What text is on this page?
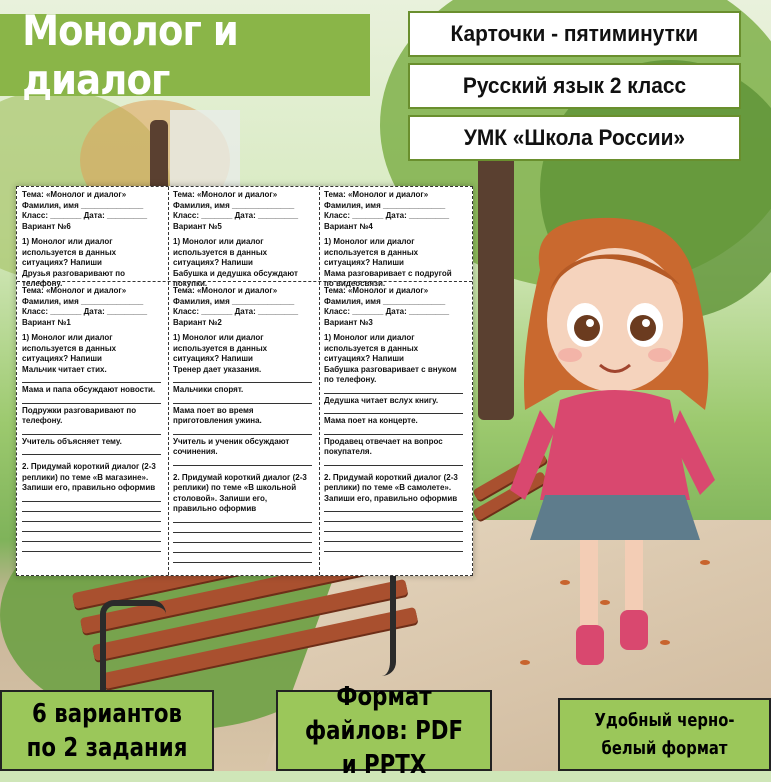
Монолог и диалог
Карточки - пятиминутки
Русский язык 2 класс
УМК «Школа России»

Тема: «Монолог и диалог»

Фамилия, имя ______________

Класс: _______ Дата: _________

Вариант №6

1) Монолог или диалог используется в данных ситуациях? Напиши

Друзья разговаривают по телефону.

Тема: «Монолог и диалог»

Фамилия, имя ______________

Класс: _______ Дата: _________

Вариант №5

1) Монолог или диалог используется в данных ситуациях? Напиши

Бабушка и дедушка обсуждают покупки.

Тема: «Монолог и диалог»

Фамилия, имя ______________

Класс: _______ Дата: _________

Вариант №4

1) Монолог или диалог используется в данных ситуациях? Напиши

Мама разговаривает с подругой по видеосвязи.

Тема: «Монолог и диалог»

Фамилия, имя ______________

Класс: _______ Дата: _________

Вариант №1

1) Монолог или диалог используется в данных ситуациях? Напиши

Мальчик читает стих.

Мама и папа обсуждают новости.

Подружки разговаривают по телефону.

Учитель объясняет тему.

2. Придумай короткий диалог (2-3 реплики) по теме «В магазине». Запиши его, правильно оформив

Тема: «Монолог и диалог»

Фамилия, имя ______________

Класс: _______ Дата: _________

Вариант №2

1) Монолог или диалог используется в данных ситуациях? Напиши

Тренер дает указания.

Мальчики спорят.

Мама поет во время приготовления ужина.

Учитель и ученик обсуждают сочинения.

2. Придумай короткий диалог (2-3 реплики) по теме «В школьной столовой». Запиши его, правильно оформив

Тема: «Монолог и диалог»

Фамилия, имя ______________

Класс: _______ Дата: _________

Вариант №3

1) Монолог или диалог используется в данных ситуациях? Напиши

Бабушка разговаривает с внуком по телефону.

Дедушка читает вслух книгу.

Мама поет на концерте.

Продавец отвечает на вопрос покупателя.

2. Придумай короткий диалог (2-3 реплики) по теме «В самолете». Запиши его, правильно оформив

6 вариантов по 2 задания
Формат файлов: PDF и PPTX
Удобный черно-белый формат
